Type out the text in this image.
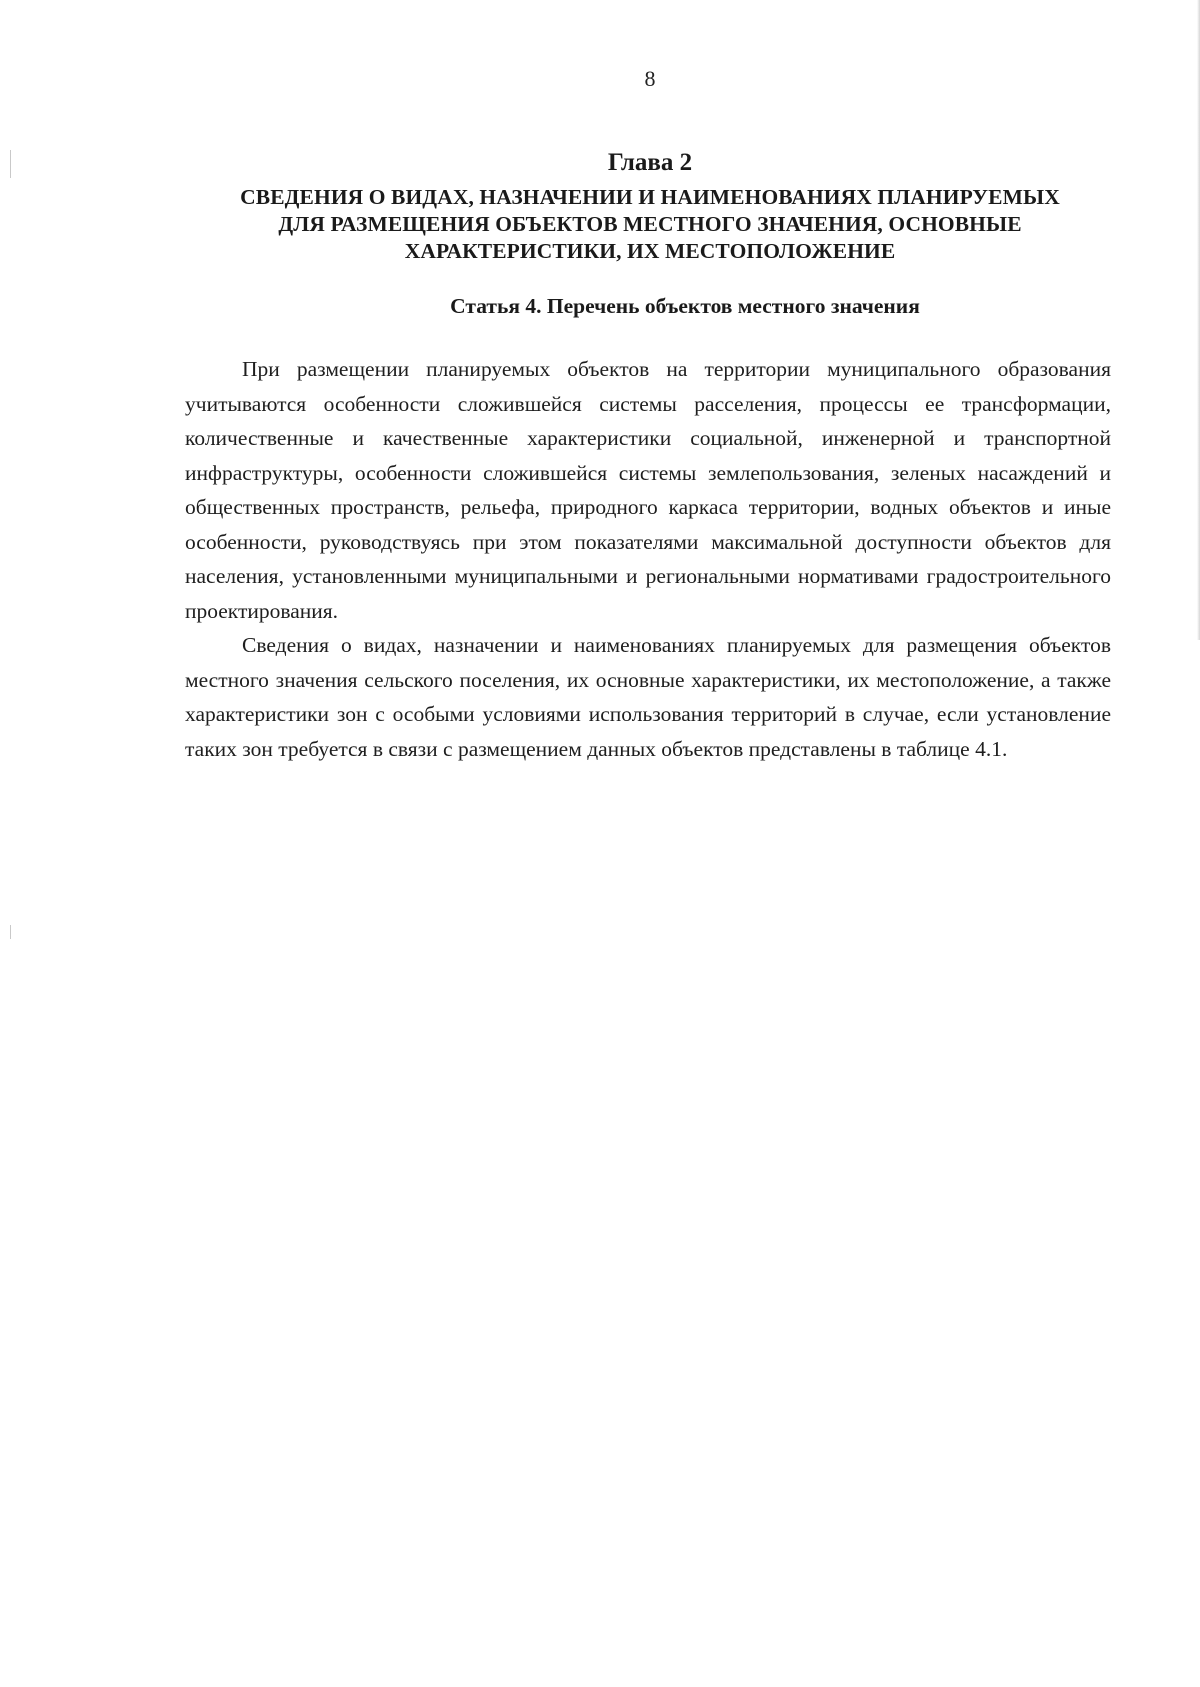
8
Глава 2
СВЕДЕНИЯ О ВИДАХ, НАЗНАЧЕНИИ И НАИМЕНОВАНИЯХ ПЛАНИРУЕМЫХ
ДЛЯ РАЗМЕЩЕНИЯ ОБЪЕКТОВ МЕСТНОГО ЗНАЧЕНИЯ, ОСНОВНЫЕ
ХАРАКТЕРИСТИКИ, ИХ МЕСТОПОЛОЖЕНИЕ
Статья 4. Перечень объектов местного значения

При размещении планируемых объектов на территории муниципального образования учитываются особенности сложившейся системы расселения, процессы ее трансформации, количественные и качественные характеристики социальной, инженерной и транспортной инфраструктуры, особенности сложившейся системы землепользования, зеленых насаждений и общественных пространств, рельефа, природного каркаса территории, водных объектов и иные особенности, руководствуясь при этом показателями максимальной доступности объектов для населения, установленными муниципальными и региональными нормативами градостроительного проектирования.

Сведения о видах, назначении и наименованиях планируемых для размещения объектов местного значения сельского поселения, их основные характеристики, их местоположение, а также характеристики зон с особыми условиями использования территорий в случае, если установление таких зон требуется в связи с размещением данных объектов представлены в таблице 4.1.
